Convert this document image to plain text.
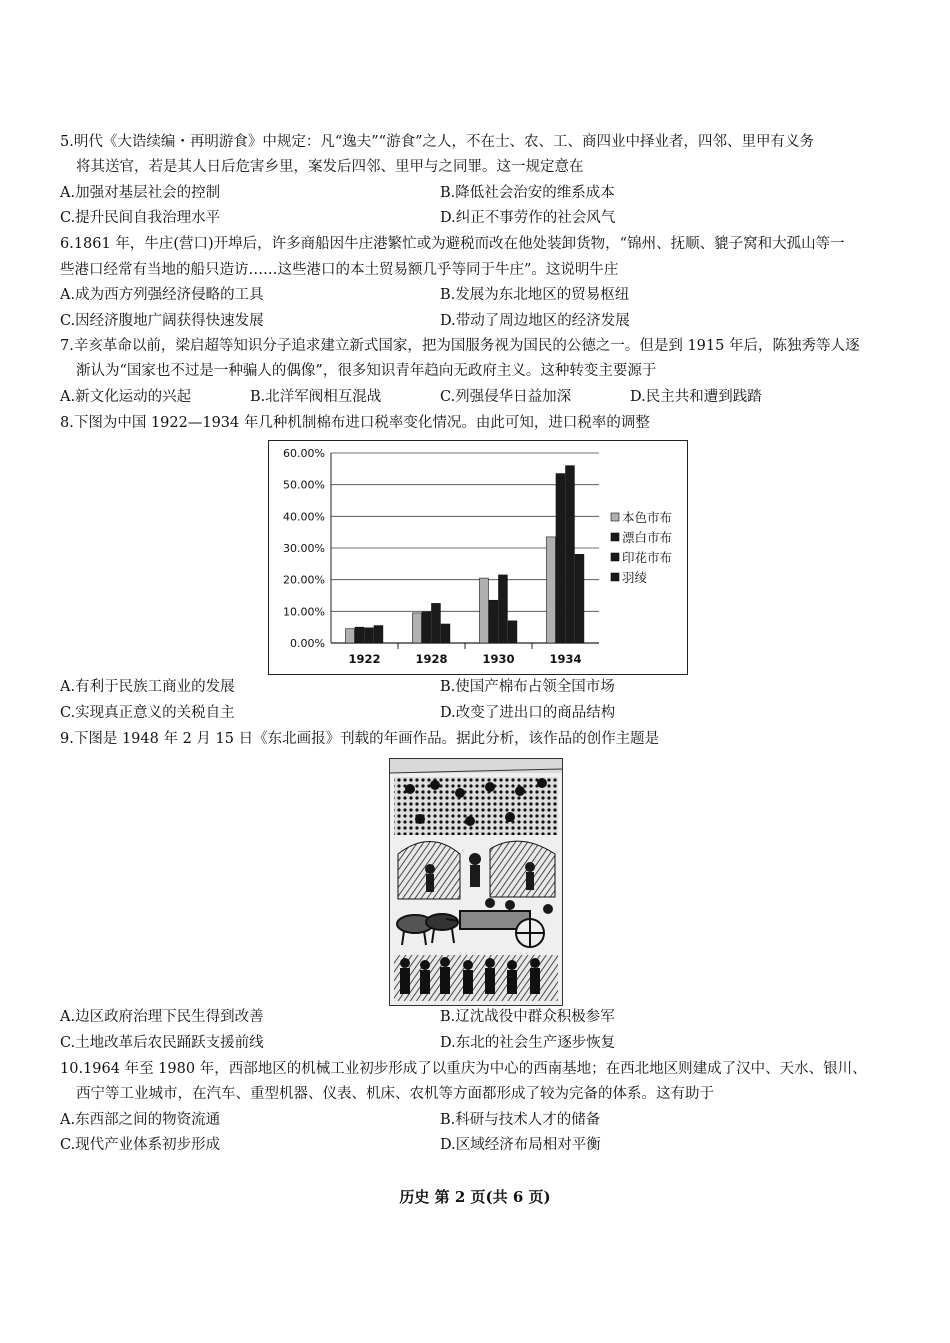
5.明代《大诰续编・再明游食》中规定：凡“逸夫”“游食”之人，不在士、农、工、商四业中择业者，四邻、里甲有义务
将其送官，若是其人日后危害乡里，案发后四邻、里甲与之同罪。这一规定意在
A.加强对基层社会的控制	B.降低社会治安的维系成本
C.提升民间自我治理水平	D.纠正不事劳作的社会风气
6.1861 年，牛庄(营口)开埠后，许多商船因牛庄港繁忙或为避税而改在他处装卸货物，“锦州、抚顺、貔子窝和大孤山等一
些港口经常有当地的船只造访……这些港口的本土贸易额几乎等同于牛庄”。这说明牛庄
A.成为西方列强经济侵略的工具	B.发展为东北地区的贸易枢纽
C.因经济腹地广阔获得快速发展	D.带动了周边地区的经济发展
7.辛亥革命以前，梁启超等知识分子追求建立新式国家，把为国服务视为国民的公德之一。但是到 1915 年后，陈独秀等人逐
渐认为“国家也不过是一种骗人的偶像”，很多知识青年趋向无政府主义。这种转变主要源于
A.新文化运动的兴起	B.北洋军阀相互混战	C.列强侵华日益加深	D.民主共和遭到践踏
8.下图为中国 1922—1934 年几种机制棉布进口税率变化情况。由此可知，进口税率的调整
0.00%
10.00%
20.00%
30.00%
40.00%
50.00%
60.00%
1922	1928	1930	1934
本色市布
漂白市布
印花市布
羽绫
A.有利于民族工商业的发展	B.使国产棉布占领全国市场
C.实现真正意义的关税自主	D.改变了进出口的商品结构
9.下图是 1948 年 2 月 15 日《东北画报》刊载的年画作品。据此分析，该作品的创作主题是
A.边区政府治理下民生得到改善	B.辽沈战役中群众积极参军
C.土地改革后农民踊跃支援前线	D.东北的社会生产逐步恢复
10.1964 年至 1980 年，西部地区的机械工业初步形成了以重庆为中心的西南基地；在西北地区则建成了汉中、天水、银川、
西宁等工业城市，在汽车、重型机器、仪表、机床、农机等方面都形成了较为完备的体系。这有助于
A.东西部之间的物资流通	B.科研与技术人才的储备
C.现代产业体系初步形成	D.区域经济布局相对平衡
历史 第 2 页(共 6 页)
